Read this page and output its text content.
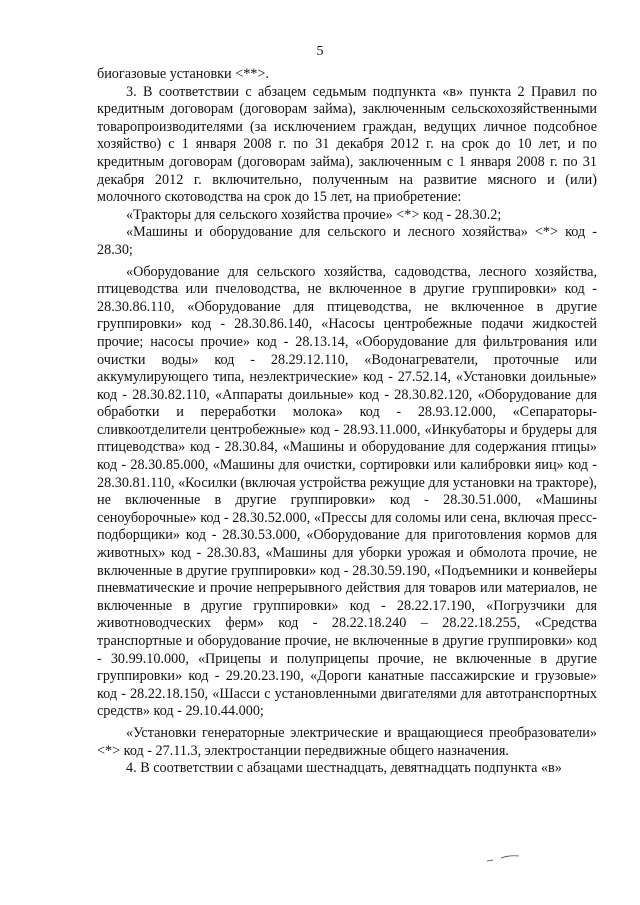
5

биогазовые установки <**>.

3. В соответствии с абзацем седьмым подпункта «в» пункта 2 Правил по кредитным договорам (договорам займа), заключенным сельскохозяйственными товаропроизводителями (за исключением граждан, ведущих личное подсобное хозяйство) с 1 января 2008 г. по 31 декабря 2012 г. на срок до 10 лет, и по кредитным договорам (договорам займа), заключенным с 1 января 2008 г. по 31 декабря 2012 г. включительно, полученным на развитие мясного и (или) молочного скотоводства на срок до 15 лет, на приобретение:

«Тракторы для сельского хозяйства прочие» <*> код - 28.30.2;

«Машины и оборудование для сельского и лесного хозяйства» <*> код - 28.30;

«Оборудование для сельского хозяйства, садоводства, лесного хозяйства, птицеводства или пчеловодства, не включенное в другие группировки» код - 28.30.86.110, «Оборудование для птицеводства, не включенное в другие группировки» код - 28.30.86.140, «Насосы центробежные подачи жидкостей прочие; насосы прочие» код - 28.13.14, «Оборудование для фильтрования или очистки воды» код - 28.29.12.110, «Водонагреватели, проточные или аккумулирующего типа, неэлектрические» код - 27.52.14, «Установки доильные» код - 28.30.82.110, «Аппараты доильные» код - 28.30.82.120, «Оборудование для обработки и переработки молока» код - 28.93.12.000, «Сепараторы-сливкоотделители центробежные» код - 28.93.11.000, «Инкубаторы и брудеры для птицеводства» код - 28.30.84, «Машины и оборудование для содержания птицы» код - 28.30.85.000, «Машины для очистки, сортировки или калибровки яиц» код - 28.30.81.110, «Косилки (включая устройства режущие для установки на тракторе), не включенные в другие группировки» код - 28.30.51.000, «Машины сеноуборочные» код - 28.30.52.000, «Прессы для соломы или сена, включая пресс-подборщики» код - 28.30.53.000, «Оборудование для приготовления кормов для животных» код - 28.30.83, «Машины для уборки урожая и обмолота прочие, не включенные в другие группировки» код - 28.30.59.190, «Подъемники и конвейеры пневматические и прочие непрерывного действия для товаров или материалов, не включенные в другие группировки» код - 28.22.17.190, «Погрузчики для животноводческих ферм» код - 28.22.18.240 – 28.22.18.255, «Средства транспортные и оборудование прочие, не включенные в другие группировки» код - 30.99.10.000, «Прицепы и полуприцепы прочие, не включенные в другие группировки» код - 29.20.23.190, «Дороги канатные пассажирские и грузовые» код - 28.22.18.150, «Шасси с установленными двигателями для автотранспортных средств» код - 29.10.44.000;

«Установки генераторные электрические и вращающиеся преобразователи» <*> код - 27.11.3, электростанции передвижные общего назначения.

4. В соответствии с абзацами шестнадцать, девятнадцать подпункта «в»
